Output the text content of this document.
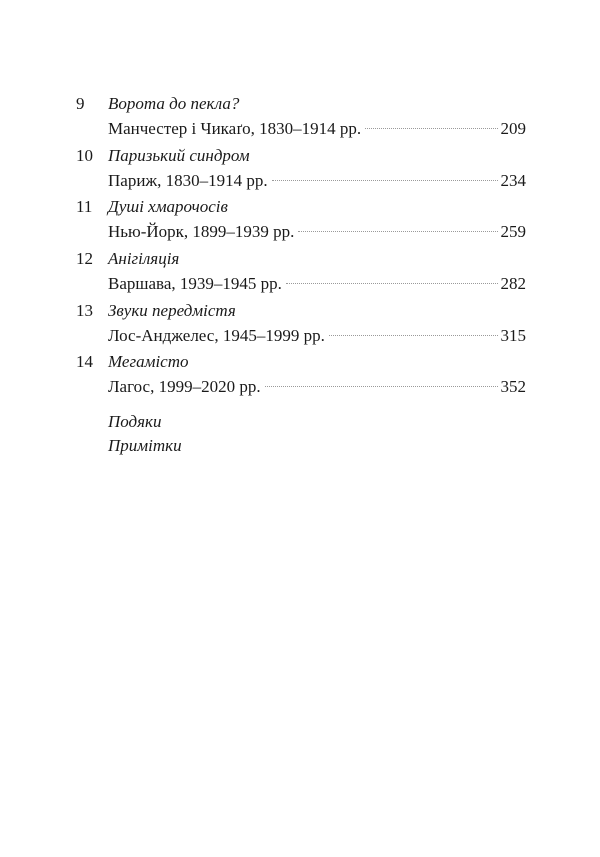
9 Ворота до пекла?
Манчестер і Чикаґо, 1830–1914 рр.	209
10 Паризький синдром
Париж, 1830–1914 рр.	234
11 Душі хмарочосів
Нью-Йорк, 1899–1939 рр.	259
12 Анігіляція
Варшава, 1939–1945 рр.	282
13 Звуки передмістя
Лос-Анджелес, 1945–1999 рр.	315
14 Мегамісто
Лагос, 1999–2020 рр.	352
Подяки
Примітки
